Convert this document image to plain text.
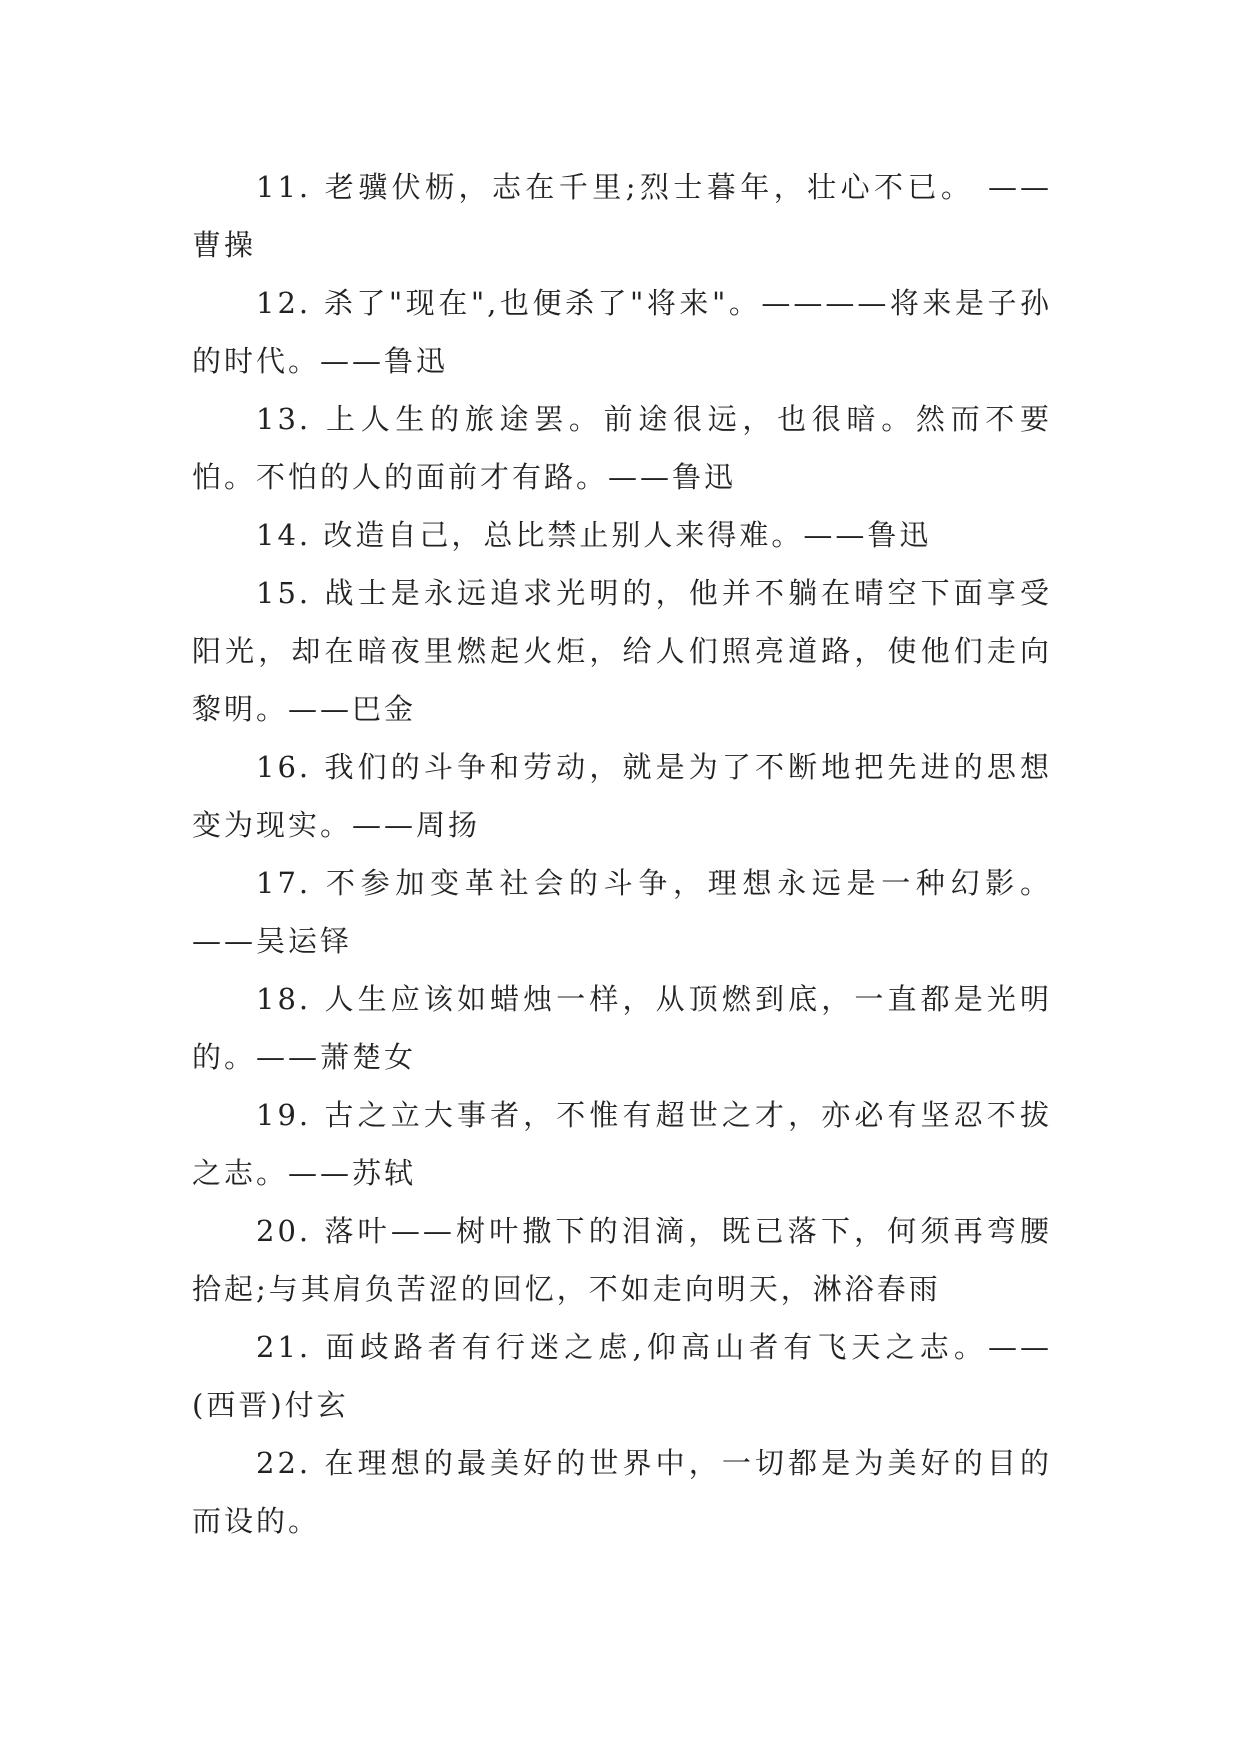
11. 老骥伏枥，志在千里;烈士暮年，壮心不已。 ——曹操

12. 杀了"现在",也便杀了"将来"。————将来是子孙的时代。——鲁迅

13. 上人生的旅途罢。前途很远，也很暗。然而不要怕。不怕的人的面前才有路。——鲁迅

14. 改造自己，总比禁止别人来得难。——鲁迅

15. 战士是永远追求光明的，他并不躺在晴空下面享受阳光，却在暗夜里燃起火炬，给人们照亮道路，使他们走向黎明。——巴金

16. 我们的斗争和劳动，就是为了不断地把先进的思想变为现实。——周扬

17. 不参加变革社会的斗争，理想永远是一种幻影。——吴运铎

18. 人生应该如蜡烛一样，从顶燃到底，一直都是光明的。——萧楚女

19. 古之立大事者，不惟有超世之才，亦必有坚忍不拔之志。——苏轼

20. 落叶——树叶撒下的泪滴，既已落下，何须再弯腰拾起;与其肩负苦涩的回忆，不如走向明天，淋浴春雨

21. 面歧路者有行迷之虑,仰高山者有飞天之志。——(西晋)付玄

22. 在理想的最美好的世界中，一切都是为美好的目的而设的。
